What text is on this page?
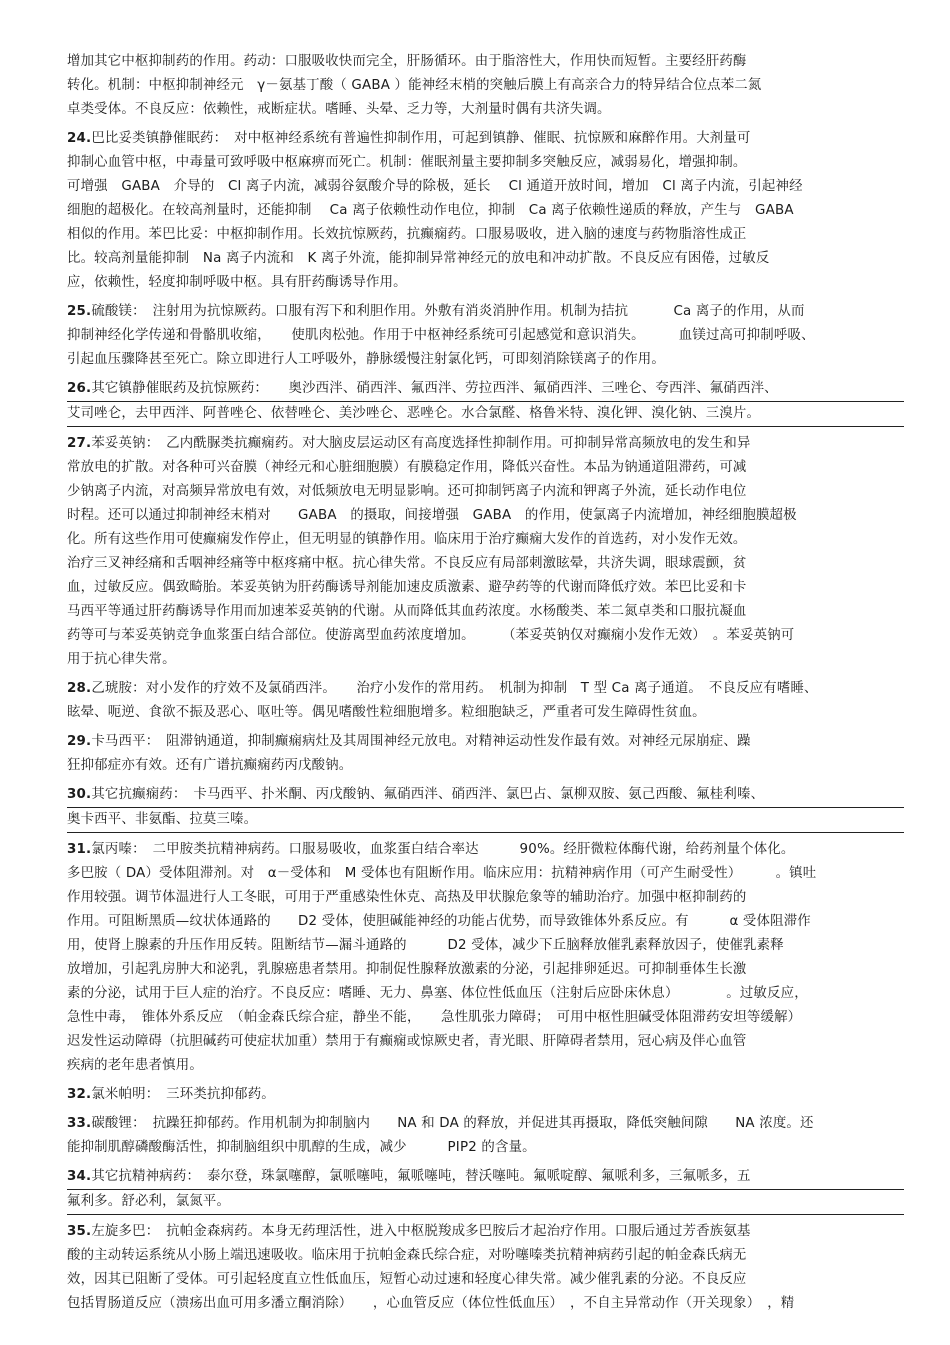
增加其它中枢抑制药的作用。药动：口服吸收快而完全，肝肠循环。由于脂溶性大，作用快而短暂。主要经肝药酶
转化。机制：中枢抑制神经元　γ－氨基丁酸（ GABA ）能神经末梢的突触后膜上有高亲合力的特异结合位点苯二氮
卓类受体。不良反应：依赖性，戒断症状。嗜睡、头晕、乏力等，大剂量时偶有共济失调。
24.巴比妥类镇静催眠药：　对中枢神经系统有普遍性抑制作用，可起到镇静、催眠、抗惊厥和麻醉作用。大剂量可
抑制心血管中枢，中毒量可致呼吸中枢麻痹而死亡。机制：催眠剂量主要抑制多突触反应，减弱易化，增强抑制。
可增强　GABA　介导的　Cl 离子内流，减弱谷氨酸介导的除极，延长　 Cl 通道开放时间，增加　Cl 离子内流，引起神经
细胞的超极化。在较高剂量时，还能抑制　 Ca 离子依赖性动作电位，抑制　Ca 离子依赖性递质的释放，产生与　GABA
相似的作用。苯巴比妥：中枢抑制作用。长效抗惊厥药，抗癫痫药。口服易吸收，进入脑的速度与药物脂溶性成正
比。较高剂量能抑制　Na 离子内流和　K 离子外流，能抑制异常神经元的放电和冲动扩散。不良反应有困倦，过敏反
应，依赖性，轻度抑制呼吸中枢。具有肝药酶诱导作用。
25.硫酸镁：　注射用为抗惊厥药。口服有泻下和利胆作用。外敷有消炎消肿作用。机制为拮抗　　　 Ca 离子的作用，从而
抑制神经化学传递和骨骼肌收缩，　　使肌肉松弛。作用于中枢神经系统可引起感觉和意识消失。　　　血镁过高可抑制呼吸、
引起血压骤降甚至死亡。除立即进行人工呼吸外，静脉缓慢注射氯化钙，可即刻消除镁离子的作用。
26.其它镇静催眠药及抗惊厥药：　　奥沙西泮、硝西泮、氟西泮、劳拉西泮、氟硝西泮、三唑仑、夸西泮、氟硝西泮、
艾司唑仑，去甲西泮、阿普唑仑、依替唑仑、美沙唑仑、恶唑仑。水合氯醛、格鲁米特、溴化钾、溴化钠、三溴片。
27.苯妥英钠：　乙内酰脲类抗癫痫药。对大脑皮层运动区有高度选择性抑制作用。可抑制异常高频放电的发生和异
常放电的扩散。对各种可兴奋膜（神经元和心脏细胞膜）有膜稳定作用，降低兴奋性。本品为钠通道阻滞药，可减
少钠离子内流，对高频异常放电有效，对低频放电无明显影响。还可抑制钙离子内流和钾离子外流，延长动作电位
时程。还可以通过抑制神经末梢对　　GABA　的摄取，间接增强　GABA　的作用，使氯离子内流增加，神经细胞膜超极
化。所有这些作用可使癫痫发作停止，但无明显的镇静作用。临床用于治疗癫痫大发作的首选药，对小发作无效。
治疗三叉神经痛和舌咽神经痛等中枢疼痛中枢。抗心律失常。不良反应有局部刺激眩晕，共济失调，眼球震颤，贫
血，过敏反应。偶致畸胎。苯妥英钠为肝药酶诱导剂能加速皮质激素、避孕药等的代谢而降低疗效。苯巴比妥和卡
马西平等通过肝药酶诱导作用而加速苯妥英钠的代谢。从而降低其血药浓度。水杨酸类、苯二氮卓类和口服抗凝血
药等可与苯妥英钠竞争血浆蛋白结合部位。使游离型血药浓度增加。　　　（苯妥英钠仅对癫痫小发作无效）　。苯妥英钠可
用于抗心律失常。
28.乙琥胺：对小发作的疗效不及氯硝西泮。　　治疗小发作的常用药。　机制为抑制　T 型 Ca 离子通道。　不良反应有嗜睡、
眩晕、呃逆、食欲不振及恶心、呕吐等。偶见嗜酸性粒细胞增多。粒细胞缺乏，严重者可发生障碍性贫血。
29.卡马西平：　阻滞钠通道，抑制癫痫病灶及其周围神经元放电。对精神运动性发作最有效。对神经元尿崩症、躁
狂抑郁症亦有效。还有广谱抗癫痫药丙戊酸钠。
30.其它抗癫痫药：　卡马西平、扑米酮、丙戊酸钠、氟硝西泮、硝西泮、氯巴占、氯柳双胺、氨己西酸、氟桂利嗪、
奥卡西平、非氨酯、拉莫三嗪。
31.氯丙嗪：　二甲胺类抗精神病药。口服易吸收，血浆蛋白结合率达　　　90%。经肝微粒体酶代谢，给药剂量个体化。
多巴胺（ DA）受体阻滞剂。对　α－受体和　M 受体也有阻断作用。临床应用：抗精神病作用（可产生耐受性）　　　。镇吐
作用较强。调节体温进行人工冬眠，可用于严重感染性休克、高热及甲状腺危象等的辅助治疗。加强中枢抑制药的
作用。可阻断黑质—纹状体通路的　　D2 受体，使胆碱能神经的功能占优势，而导致锥体外系反应。有　　　α 受体阻滞作
用，使肾上腺素的升压作用反转。阻断结节—漏斗通路的　　　D2 受体，减少下丘脑释放催乳素释放因子，使催乳素释
放增加，引起乳房肿大和泌乳，乳腺癌患者禁用。抑制促性腺释放激素的分泌，引起排卵延迟。可抑制垂体生长激
素的分泌，试用于巨人症的治疗。不良反应：嗜睡、无力、鼻塞、体位性低血压（注射后应卧床休息）　　　　。过敏反应，
急性中毒，　锥体外系反应　（帕金森氏综合症，静坐不能，　　急性肌张力障碍；　可用中枢性胆碱受体阻滞药安坦等缓解）
迟发性运动障碍（抗胆碱药可使症状加重）禁用于有癫痫或惊厥史者，青光眼、肝障碍者禁用，冠心病及伴心血管
疾病的老年患者慎用。
32.氯米帕明：　三环类抗抑郁药。
33.碳酸锂：　抗躁狂抑郁药。作用机制为抑制脑内　　NA 和 DA 的释放，并促进其再摄取，降低突触间隙　　NA 浓度。还
能抑制肌醇磷酸酶活性，抑制脑组织中肌醇的生成，减少　　　PIP2 的含量。
34.其它抗精神病药：　泰尔登，珠氯噻醇，氯哌噻吨，氟哌噻吨，替沃噻吨。氟哌啶醇、氟哌利多，三氟哌多，五
氟利多。舒必利，氯氮平。
35.左旋多巴：　抗帕金森病药。本身无药理活性，进入中枢脱羧成多巴胺后才起治疗作用。口服后通过芳香族氨基
酸的主动转运系统从小肠上端迅速吸收。临床用于抗帕金森氏综合症，对吩噻嗪类抗精神病药引起的帕金森氏病无
效，因其已阻断了受体。可引起轻度直立性低血压，短暂心动过速和轻度心律失常。减少催乳素的分泌。不良反应
包括胃肠道反应（溃疡出血可用多潘立酮消除）　　，心血管反应（体位性低血压）　，不自主异常动作（开关现象）　，精
